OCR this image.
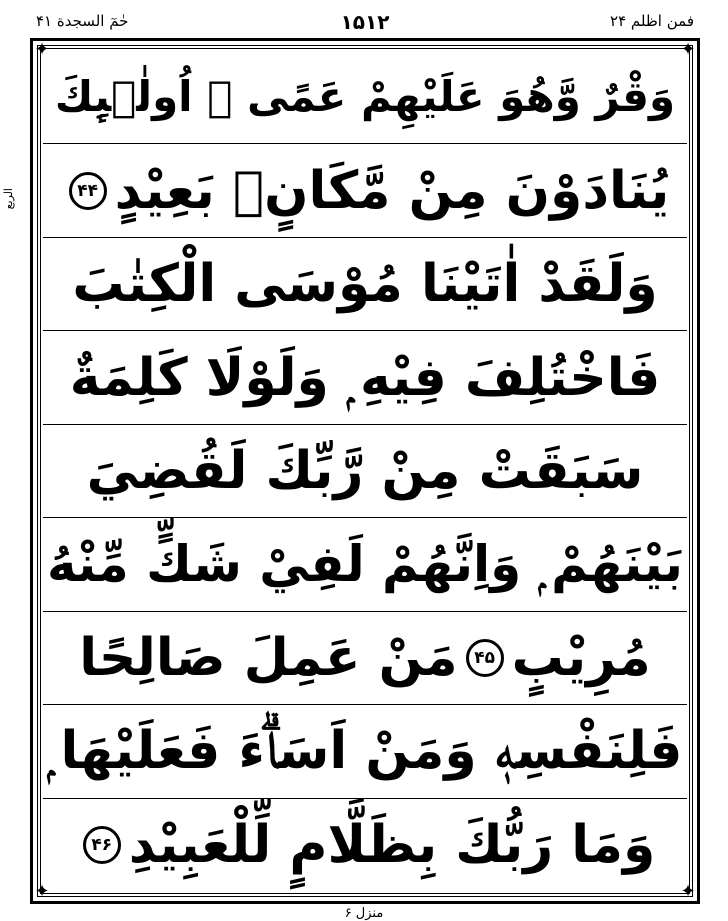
حٰمٓ السجدة ۴۱	۱۵۱۲	فمن اظلم ۲۴
الربع
✦	✦
✦	✦
وَقْرٌ وَّهُوَ عَلَيْهِمْ عَمًى ۭ اُولٰۗىِٕكَ
يُنَادَوْنَ مِنْ مَّكَانٍۢ بَعِيْدٍ
۴۴
وَلَقَدْ اٰتَيْنَا مُوْسَى الْكِتٰبَ
فَاخْتُلِفَ فِيْهِ ۭ وَلَوْلَا كَلِمَةٌ
سَبَقَتْ مِنْ رَّبِّكَ لَقُضِيَ
بَيْنَهُمْ ۭ وَاِنَّهُمْ لَفِيْ شَكٍّ مِّنْهُ
مُرِيْبٍ
۴۵
مَنْ عَمِلَ صَالِحًا
فَلِنَفْسِهٖ وَمَنْ اَسَاۗءَ فَعَلَيْهَا ۭ
وَمَا رَبُّكَ بِظَلَّامٍ لِّلْعَبِيْدِ
۴۶
منزل ۶
